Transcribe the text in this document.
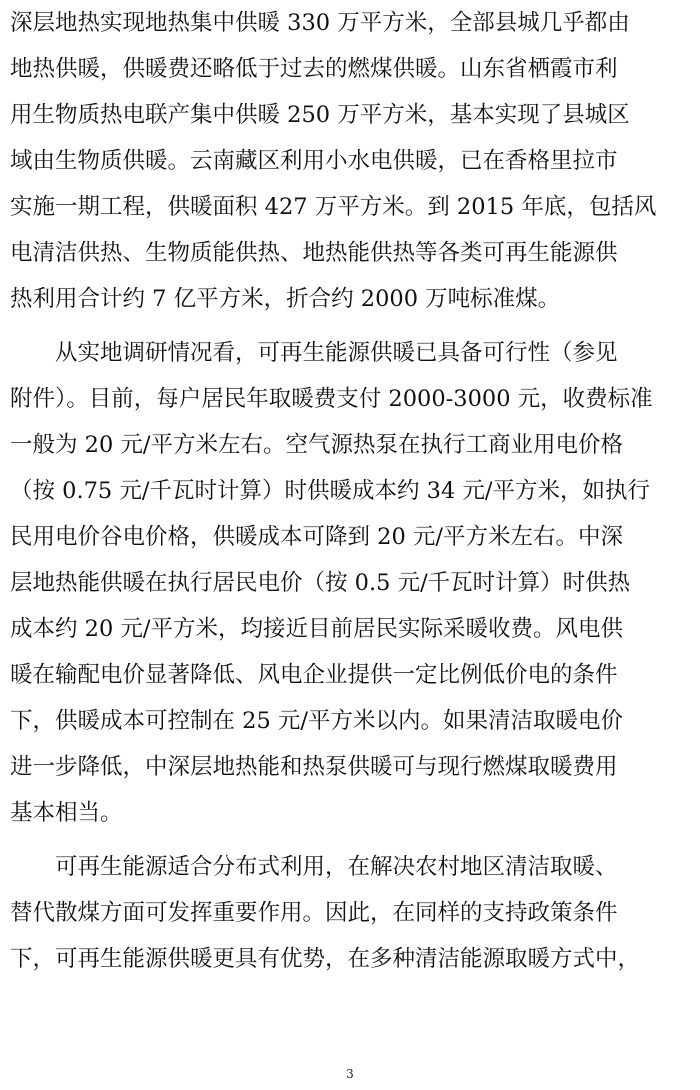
深层地热实现地热集中供暖 330 万平方米，全部县城几乎都由
地热供暖，供暖费还略低于过去的燃煤供暖。山东省栖霞市利
用生物质热电联产集中供暖 250 万平方米，基本实现了县城区
域由生物质供暖。云南藏区利用小水电供暖，已在香格里拉市
实施一期工程，供暖面积 427 万平方米。到 2015 年底，包括风
电清洁供热、生物质能供热、地热能供热等各类可再生能源供
热利用合计约 7 亿平方米，折合约 2000 万吨标准煤。
从实地调研情况看，可再生能源供暖已具备可行性（参见
附件）。目前，每户居民年取暖费支付 2000-3000 元，收费标准
一般为 20 元/平方米左右。空气源热泵在执行工商业用电价格
（按 0.75 元/千瓦时计算）时供暖成本约 34 元/平方米，如执行
民用电价谷电价格，供暖成本可降到 20 元/平方米左右。中深
层地热能供暖在执行居民电价（按 0.5 元/千瓦时计算）时供热
成本约 20 元/平方米，均接近目前居民实际采暖收费。风电供
暖在输配电价显著降低、风电企业提供一定比例低价电的条件
下，供暖成本可控制在 25 元/平方米以内。如果清洁取暖电价
进一步降低，中深层地热能和热泵供暖可与现行燃煤取暖费用
基本相当。
可再生能源适合分布式利用，在解决农村地区清洁取暖、
替代散煤方面可发挥重要作用。因此，在同样的支持政策条件
下，可再生能源供暖更具有优势，在多种清洁能源取暖方式中，
3
